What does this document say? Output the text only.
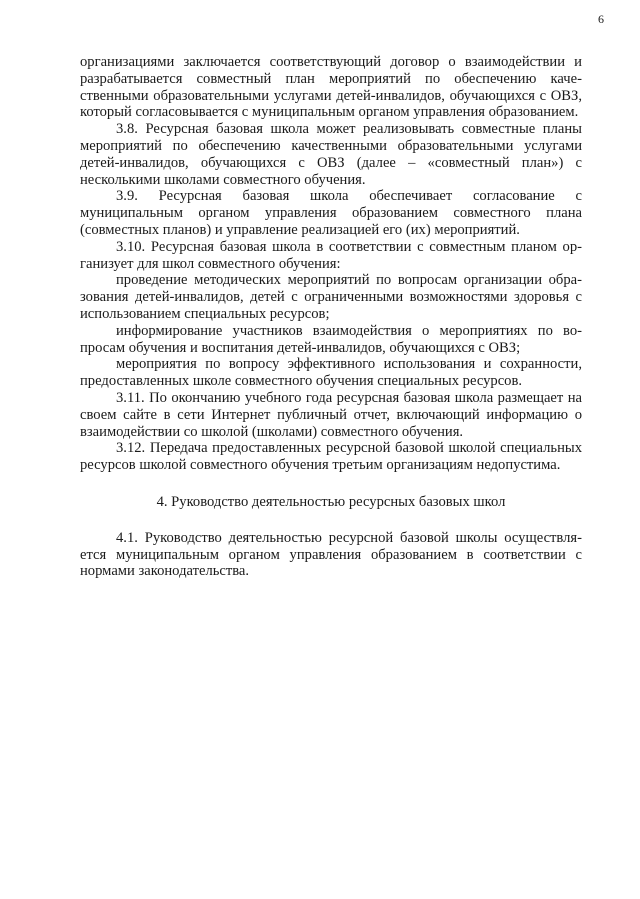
6

организациями заключается соответствующий договор о взаимодействии и разрабатывается совместный план мероприятий по обеспечению качественными образовательными услугами детей-инвалидов, обучающихся с ОВЗ, который согласовывается с муниципальным органом управления образованием.

3.8. Ресурсная базовая школа может реализовывать совместные планы мероприятий по обеспечению качественными образовательными услугами детей-инвалидов, обучающихся с ОВЗ (далее – «совместный план») с несколькими школами совместного обучения.

3.9. Ресурсная базовая школа обеспечивает согласование с муниципальным органом управления образованием совместного плана (совместных планов) и управление реализацией его (их) мероприятий.

3.10. Ресурсная базовая школа в соответствии с совместным планом организует для школ совместного обучения:

проведение методических мероприятий по вопросам организации образования детей-инвалидов, детей с ограниченными возможностями здоровья с использованием специальных ресурсов;

информирование участников взаимодействия о мероприятиях по вопросам обучения и воспитания детей-инвалидов, обучающихся с ОВЗ;

мероприятия по вопросу эффективного использования и сохранности, предоставленных школе совместного обучения специальных ресурсов.

3.11. По окончанию учебного года ресурсная базовая школа размещает на своем сайте в сети Интернет публичный отчет, включающий информацию о взаимодействии со школой (школами) совместного обучения.

3.12. Передача предоставленных ресурсной базовой школой специальных ресурсов школой совместного обучения третьим организациям недопустима.

4. Руководство деятельностью ресурсных базовых школ

4.1. Руководство деятельностью ресурсной базовой школы осуществляется муниципальным органом управления образованием в соответствии с нормами законодательства.
